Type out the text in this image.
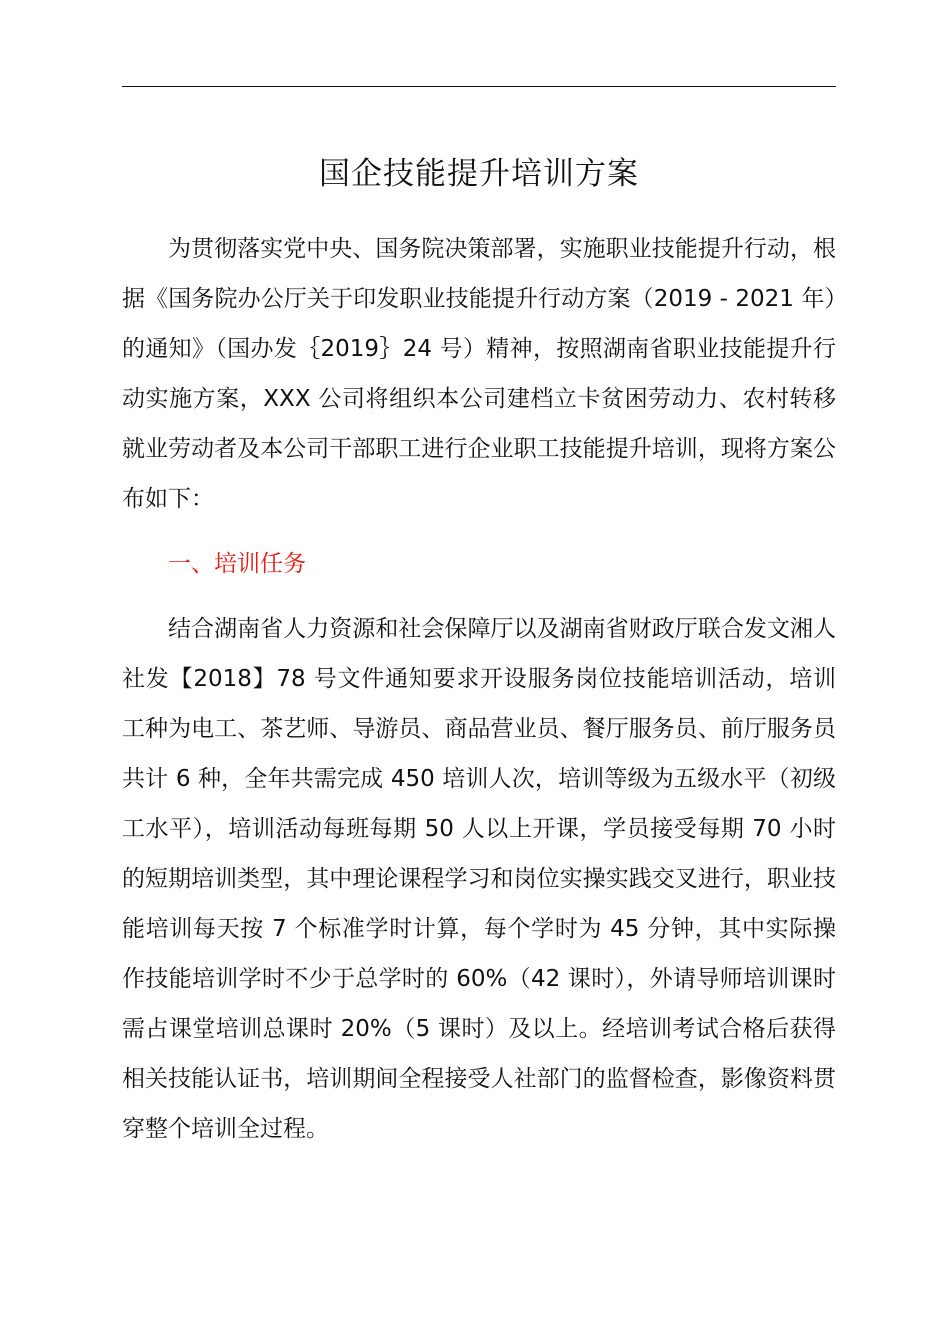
国企技能提升培训方案

为贯彻落实党中央、国务院决策部署，实施职业技能提升行动，根据《国务院办公厅关于印发职业技能提升行动方案（2019 - 2021 年）的通知》（国办发｛2019｝24 号）精神，按照湖南省职业技能提升行动实施方案，XXX 公司将组织本公司建档立卡贫困劳动力、农村转移就业劳动者及本公司干部职工进行企业职工技能提升培训，现将方案公布如下：

一、培训任务

结合湖南省人力资源和社会保障厅以及湖南省财政厅联合发文湘人社发【2018】78 号文件通知要求开设服务岗位技能培训活动，培训工种为电工、茶艺师、导游员、商品营业员、餐厅服务员、前厅服务员共计 6 种，全年共需完成 450 培训人次，培训等级为五级水平（初级工水平），培训活动每班每期 50 人以上开课，学员接受每期 70 小时的短期培训类型，其中理论课程学习和岗位实操实践交叉进行，职业技能培训每天按 7 个标准学时计算，每个学时为 45 分钟，其中实际操作技能培训学时不少于总学时的 60%（42 课时），外请导师培训课时需占课堂培训总课时 20%（5 课时）及以上。经培训考试合格后获得相关技能认证书，培训期间全程接受人社部门的监督检查，影像资料贯穿整个培训全过程。
